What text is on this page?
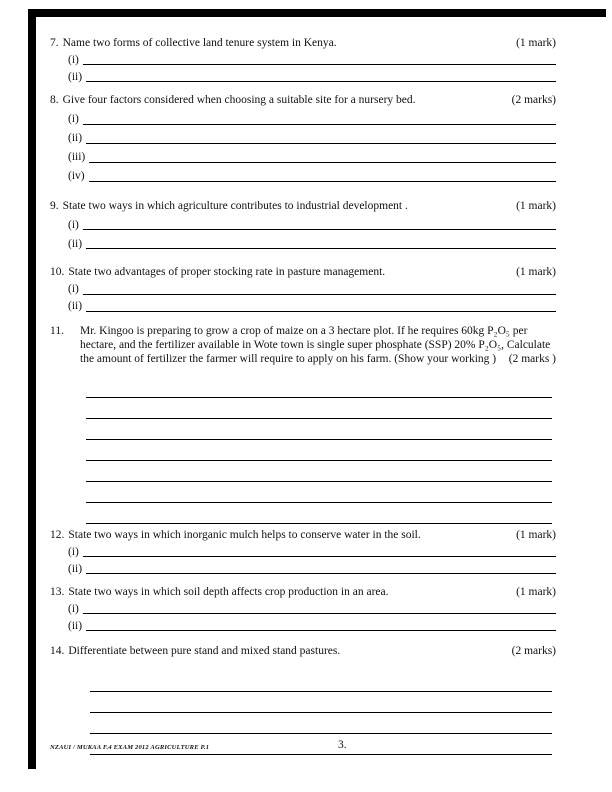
7. Name two forms of collective land tenure system in Kenya.	(1 mark)
(i)
(ii)
8. Give four factors considered when choosing a suitable site for a nursery bed.	(2 marks)
(i)
(ii)
(iii)
(iv)
9. State two ways in which agriculture contributes to industrial development .	(1 mark)
(i)
(ii)
10. State two advantages of proper stocking rate in pasture management.	(1 mark)
(i)
(ii)
11.	Mr. Kingoo is preparing to grow a crop of maize on a 3 hectare plot. If he requires 60kg P₂O₅ per hectare, and the fertilizer available in Wote town is single super phosphate (SSP) 20% P₂O₅, Calculate the amount of fertilizer the farmer will require to apply on his farm. (Show your working )	(2 marks )
12. State two ways in which inorganic mulch helps to conserve water in the soil.	(1 mark)
(i)
(ii)
13. State two ways in which soil depth affects crop production in an area.	(1 mark)
(i)
(ii)
14. Differentiate between pure stand and mixed stand pastures.	(2 marks)
NZAUI / MUKAA F.4 EXAM 2012 AGRICULTURE P.1	3.
